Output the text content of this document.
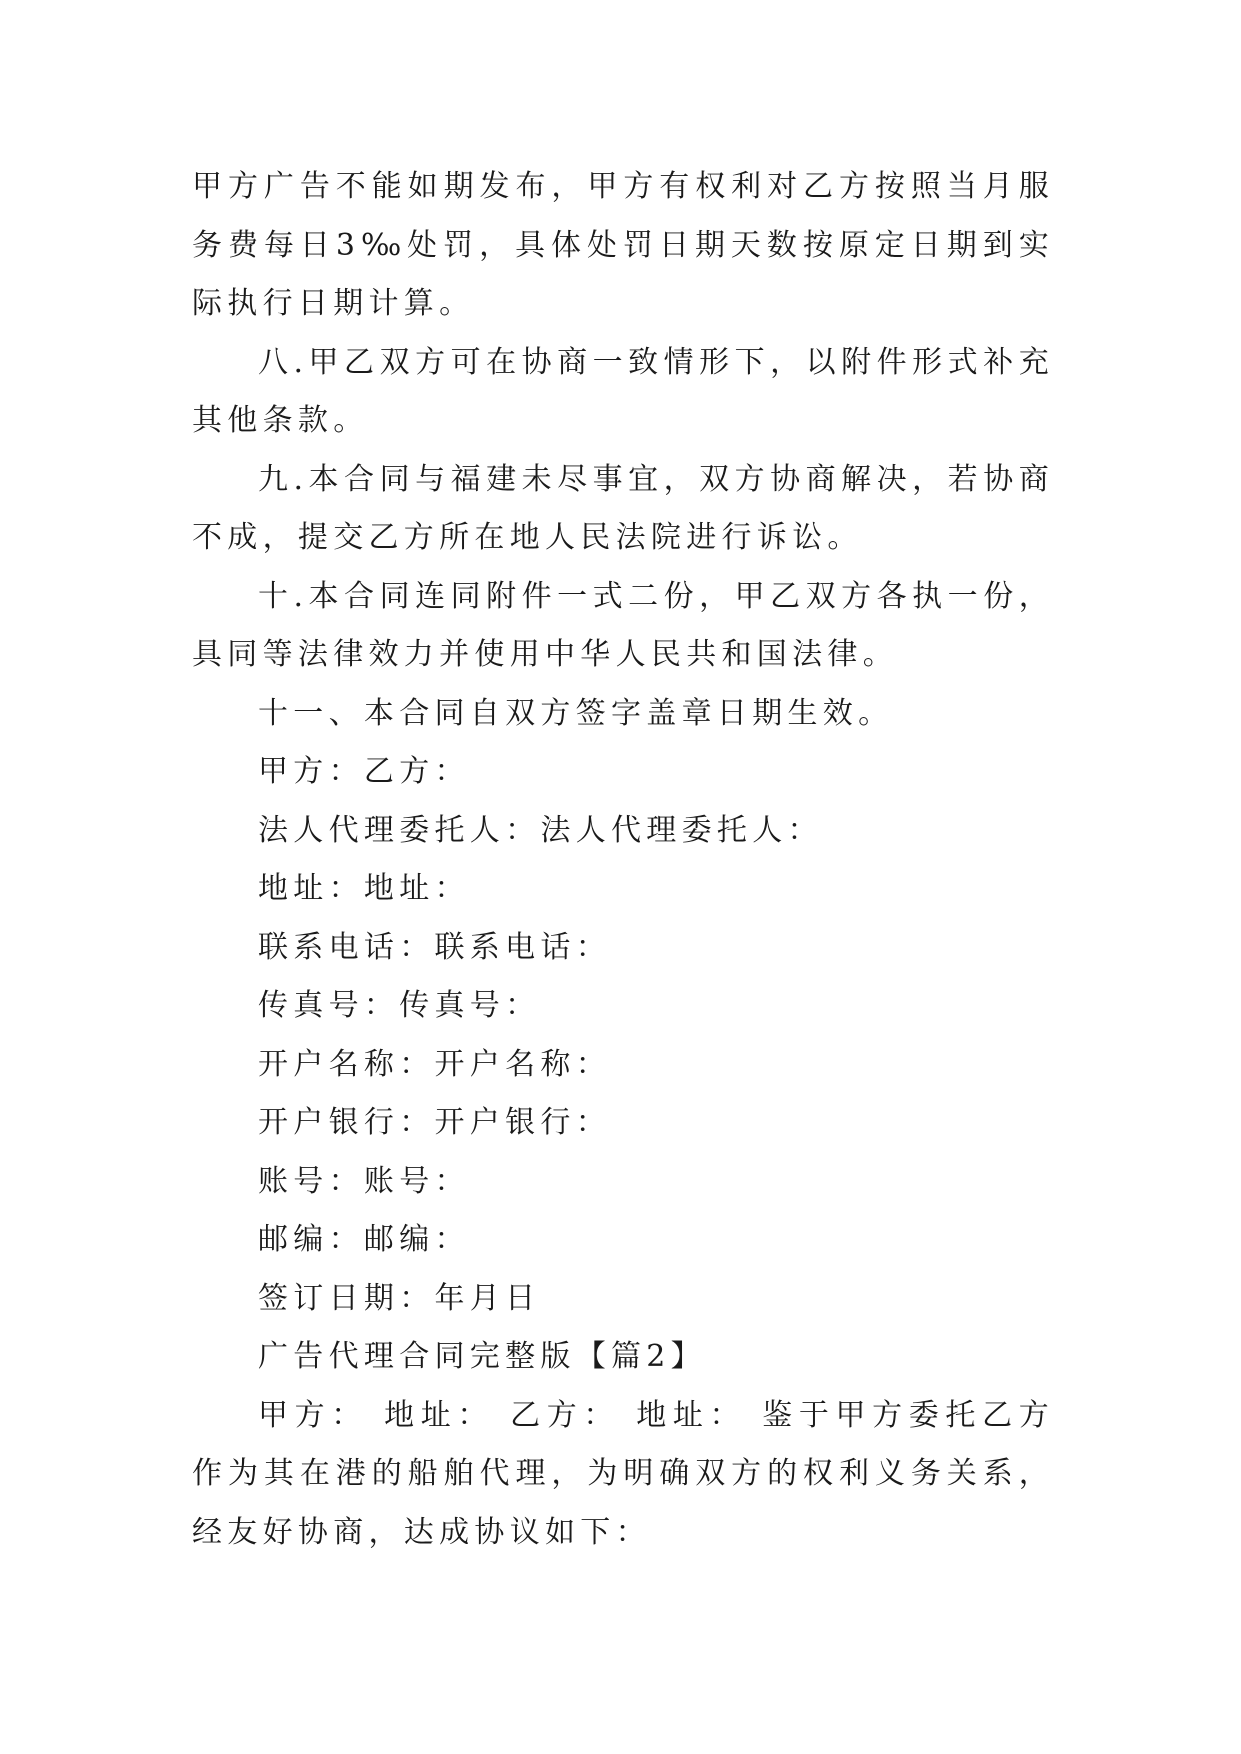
甲方广告不能如期发布，甲方有权利对乙方按照当月服务费每日3‰处罚，具体处罚日期天数按原定日期到实际执行日期计算。

八.甲乙双方可在协商一致情形下，以附件形式补充其他条款。

九.本合同与福建未尽事宜，双方协商解决，若协商不成，提交乙方所在地人民法院进行诉讼。

十.本合同连同附件一式二份，甲乙双方各执一份，具同等法律效力并使用中华人民共和国法律。

十一、本合同自双方签字盖章日期生效。

甲方：乙方：

法人代理委托人：法人代理委托人：

地址：地址：

联系电话：联系电话：

传真号：传真号：

开户名称：开户名称：

开户银行：开户银行：

账号：账号：

邮编：邮编：

签订日期：年月日

广告代理合同完整版【篇2】

甲方： 地址： 乙方： 地址： 鉴于甲方委托乙方作为其在港的船舶代理，为明确双方的权利义务关系，经友好协商，达成协议如下：
